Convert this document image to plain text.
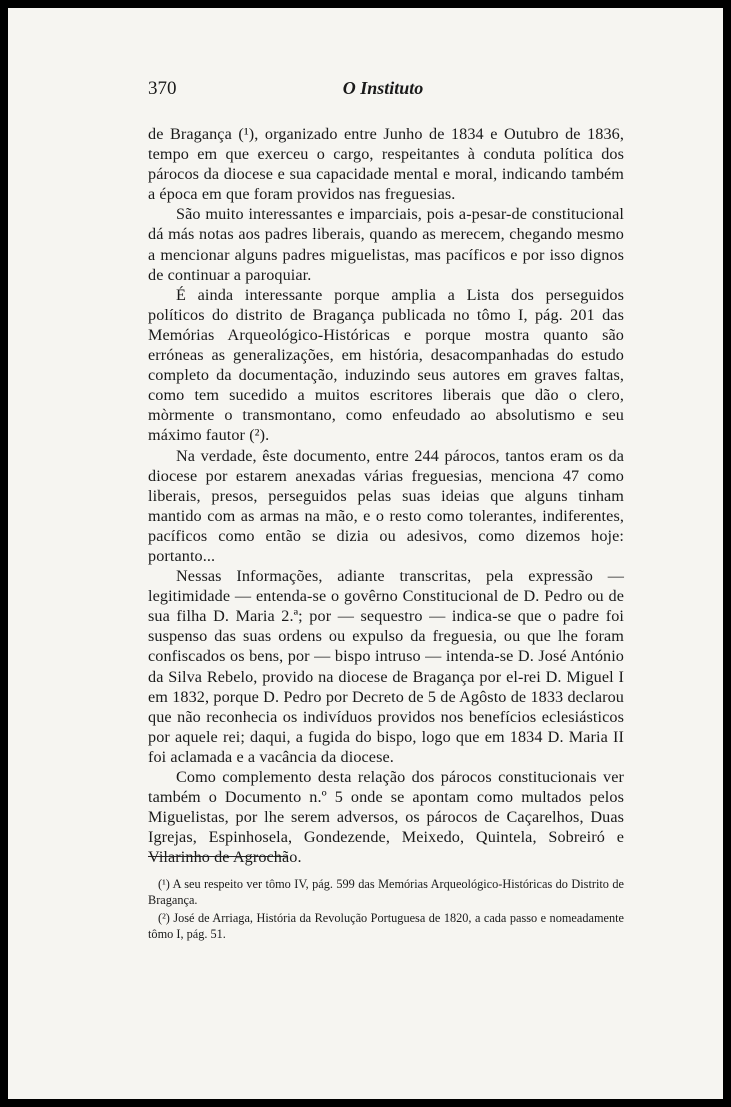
370	O Instituto

de Bragança (¹), organizado entre Junho de 1834 e Outubro de 1836, tempo em que exerceu o cargo, respeitantes à conduta política dos párocos da diocese e sua capacidade mental e moral, indicando também a época em que foram providos nas freguesias.

São muito interessantes e imparciais, pois a-pesar-de constitucional dá más notas aos padres liberais, quando as merecem, chegando mesmo a mencionar alguns padres miguelistas, mas pacíficos e por isso dignos de continuar a paroquiar.

É ainda interessante porque amplia a Lista dos perseguidos políticos do distrito de Bragança publicada no tômo I, pág. 201 das Memórias Arqueológico-Históricas e porque mostra quanto são erróneas as generalizações, em história, desacompanhadas do estudo completo da documentação, induzindo seus autores em graves faltas, como tem sucedido a muitos escritores liberais que dão o clero, mòrmente o transmontano, como enfeudado ao absolutismo e seu máximo fautor (²).

Na verdade, êste documento, entre 244 párocos, tantos eram os da diocese por estarem anexadas várias freguesias, menciona 47 como liberais, presos, perseguidos pelas suas ideias que alguns tinham mantido com as armas na mão, e o resto como tolerantes, indiferentes, pacíficos como então se dizia ou adesivos, como dizemos hoje: portanto...

Nessas Informações, adiante transcritas, pela expressão — legitimidade — entenda-se o govêrno Constitucional de D. Pedro ou de sua filha D. Maria 2.ª; por — sequestro — indica-se que o padre foi suspenso das suas ordens ou expulso da freguesia, ou que lhe foram confiscados os bens, por — bispo intruso — intenda-se D. José António da Silva Rebelo, provido na diocese de Bragança por el-rei D. Miguel I em 1832, porque D. Pedro por Decreto de 5 de Agôsto de 1833 declarou que não reconhecia os indivíduos providos nos benefícios eclesiásticos por aquele rei; daqui, a fugida do bispo, logo que em 1834 D. Maria II foi aclamada e a vacância da diocese.

Como complemento desta relação dos párocos constitucionais ver também o Documento n.º 5 onde se apontam como multados pelos Miguelistas, por lhe serem adversos, os párocos de Caçarelhos, Duas Igrejas, Espinhosela, Gondezende, Meixedo, Quintela, Sobreiró e Vilarinho de Agrochão.

(¹) A seu respeito ver tômo IV, pág. 599 das Memórias Arqueológico-Históricas do Distrito de Bragança.

(²) José de Arriaga, História da Revolução Portuguesa de 1820, a cada passo e nomeadamente tômo I, pág. 51.
